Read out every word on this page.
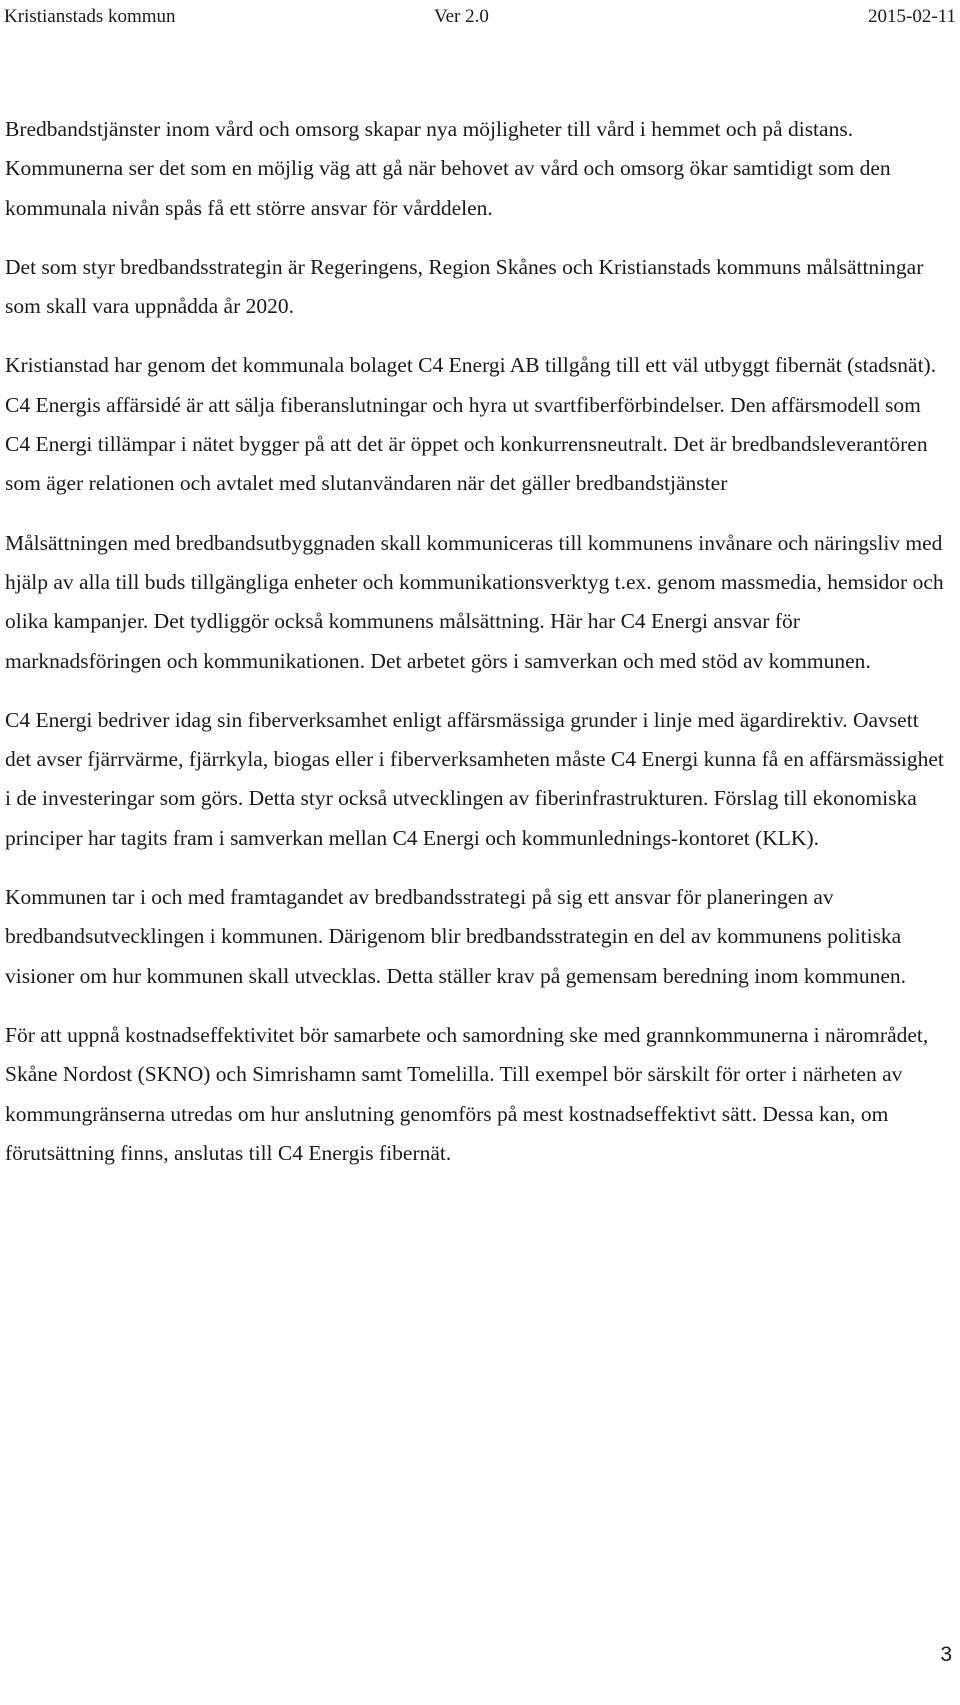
Kristianstads kommun	Ver 2.0	2015-02-11

Bredbandstjänster inom vård och omsorg skapar nya möjligheter till vård i hemmet och på distans. Kommunerna ser det som en möjlig väg att gå när behovet av vård och omsorg ökar samtidigt som den kommunala nivån spås få ett större ansvar för vårddelen.

Det som styr bredbandsstrategin är Regeringens, Region Skånes och Kristianstads kommuns målsättningar som skall vara uppnådda år 2020.

Kristianstad har genom det kommunala bolaget C4 Energi AB tillgång till ett väl utbyggt fibernät (stadsnät). C4 Energis affärsidé är att sälja fiberanslutningar och hyra ut svartfiberförbindelser. Den affärsmodell som C4 Energi tillämpar i nätet bygger på att det är öppet och konkurrensneutralt. Det är bredbandsleverantören som äger relationen och avtalet med slutanvändaren när det gäller bredbandstjänster

Målsättningen med bredbandsutbyggnaden skall kommuniceras till kommunens invånare och näringsliv med hjälp av alla till buds tillgängliga enheter och kommunikationsverktyg t.ex. genom massmedia, hemsidor och olika kampanjer. Det tydliggör också kommunens målsättning. Här har C4 Energi ansvar för marknadsföringen och kommunikationen. Det arbetet görs i samverkan och med stöd av kommunen.

C4 Energi bedriver idag sin fiberverksamhet enligt affärsmässiga grunder i linje med ägardirektiv. Oavsett det avser fjärrvärme, fjärrkyla, biogas eller i fiberverksamheten måste C4 Energi kunna få en affärsmässighet i de investeringar som görs. Detta styr också utvecklingen av fiberinfrastrukturen. Förslag till ekonomiska principer har tagits fram i samverkan mellan C4 Energi och kommunlednings-kontoret (KLK).

Kommunen tar i och med framtagandet av bredbandsstrategi på sig ett ansvar för planeringen av bredbandsutvecklingen i kommunen. Därigenom blir bredbandsstrategin en del av kommunens politiska visioner om hur kommunen skall utvecklas. Detta ställer krav på gemensam beredning inom kommunen.

För att uppnå kostnadseffektivitet bör samarbete och samordning ske med grannkommunerna i närområdet, Skåne Nordost (SKNO) och Simrishamn samt Tomelilla. Till exempel bör särskilt för orter i närheten av kommungränserna utredas om hur anslutning genomförs på mest kostnadseffektivt sätt. Dessa kan, om förutsättning finns, anslutas till C4 Energis fibernät.

3
